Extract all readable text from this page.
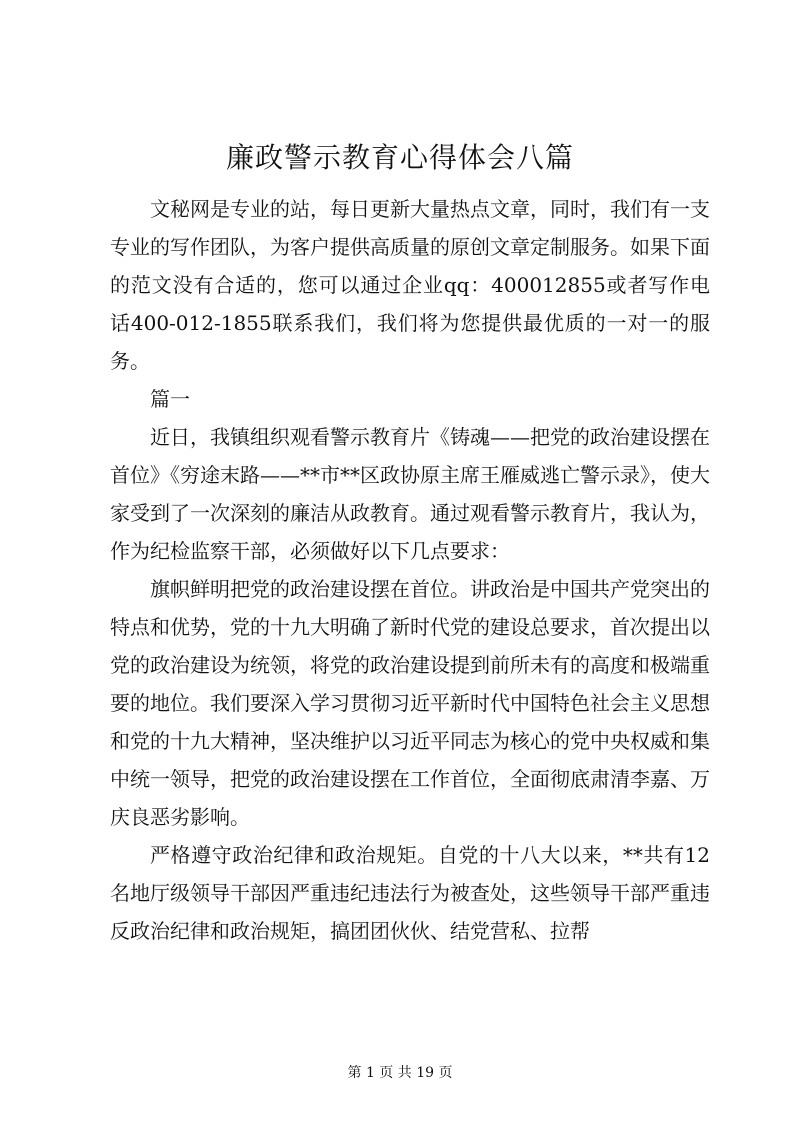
廉政警示教育心得体会八篇

文秘网是专业的站，每日更新大量热点文章，同时，我们有一支专业的写作团队，为客户提供高质量的原创文章定制服务。如果下面的范文没有合适的，您可以通过企业qq：400012855或者写作电话400-012-1855联系我们，我们将为您提供最优质的一对一的服务。

篇一

近日，我镇组织观看警示教育片《铸魂——把党的政治建设摆在首位》《穷途末路——**市**区政协原主席王雁威逃亡警示录》，使大家受到了一次深刻的廉洁从政教育。通过观看警示教育片，我认为，作为纪检监察干部，必须做好以下几点要求：

旗帜鲜明把党的政治建设摆在首位。讲政治是中国共产党突出的特点和优势，党的十九大明确了新时代党的建设总要求，首次提出以党的政治建设为统领，将党的政治建设提到前所未有的高度和极端重要的地位。我们要深入学习贯彻习近平新时代中国特色社会主义思想和党的十九大精神，坚决维护以习近平同志为核心的党中央权威和集中统一领导，把党的政治建设摆在工作首位，全面彻底肃清李嘉、万庆良恶劣影响。

严格遵守政治纪律和政治规矩。自党的十八大以来，**共有12名地厅级领导干部因严重违纪违法行为被查处，这些领导干部严重违反政治纪律和政治规矩，搞团团伙伙、结党营私、拉帮

第 1 页 共 19 页
